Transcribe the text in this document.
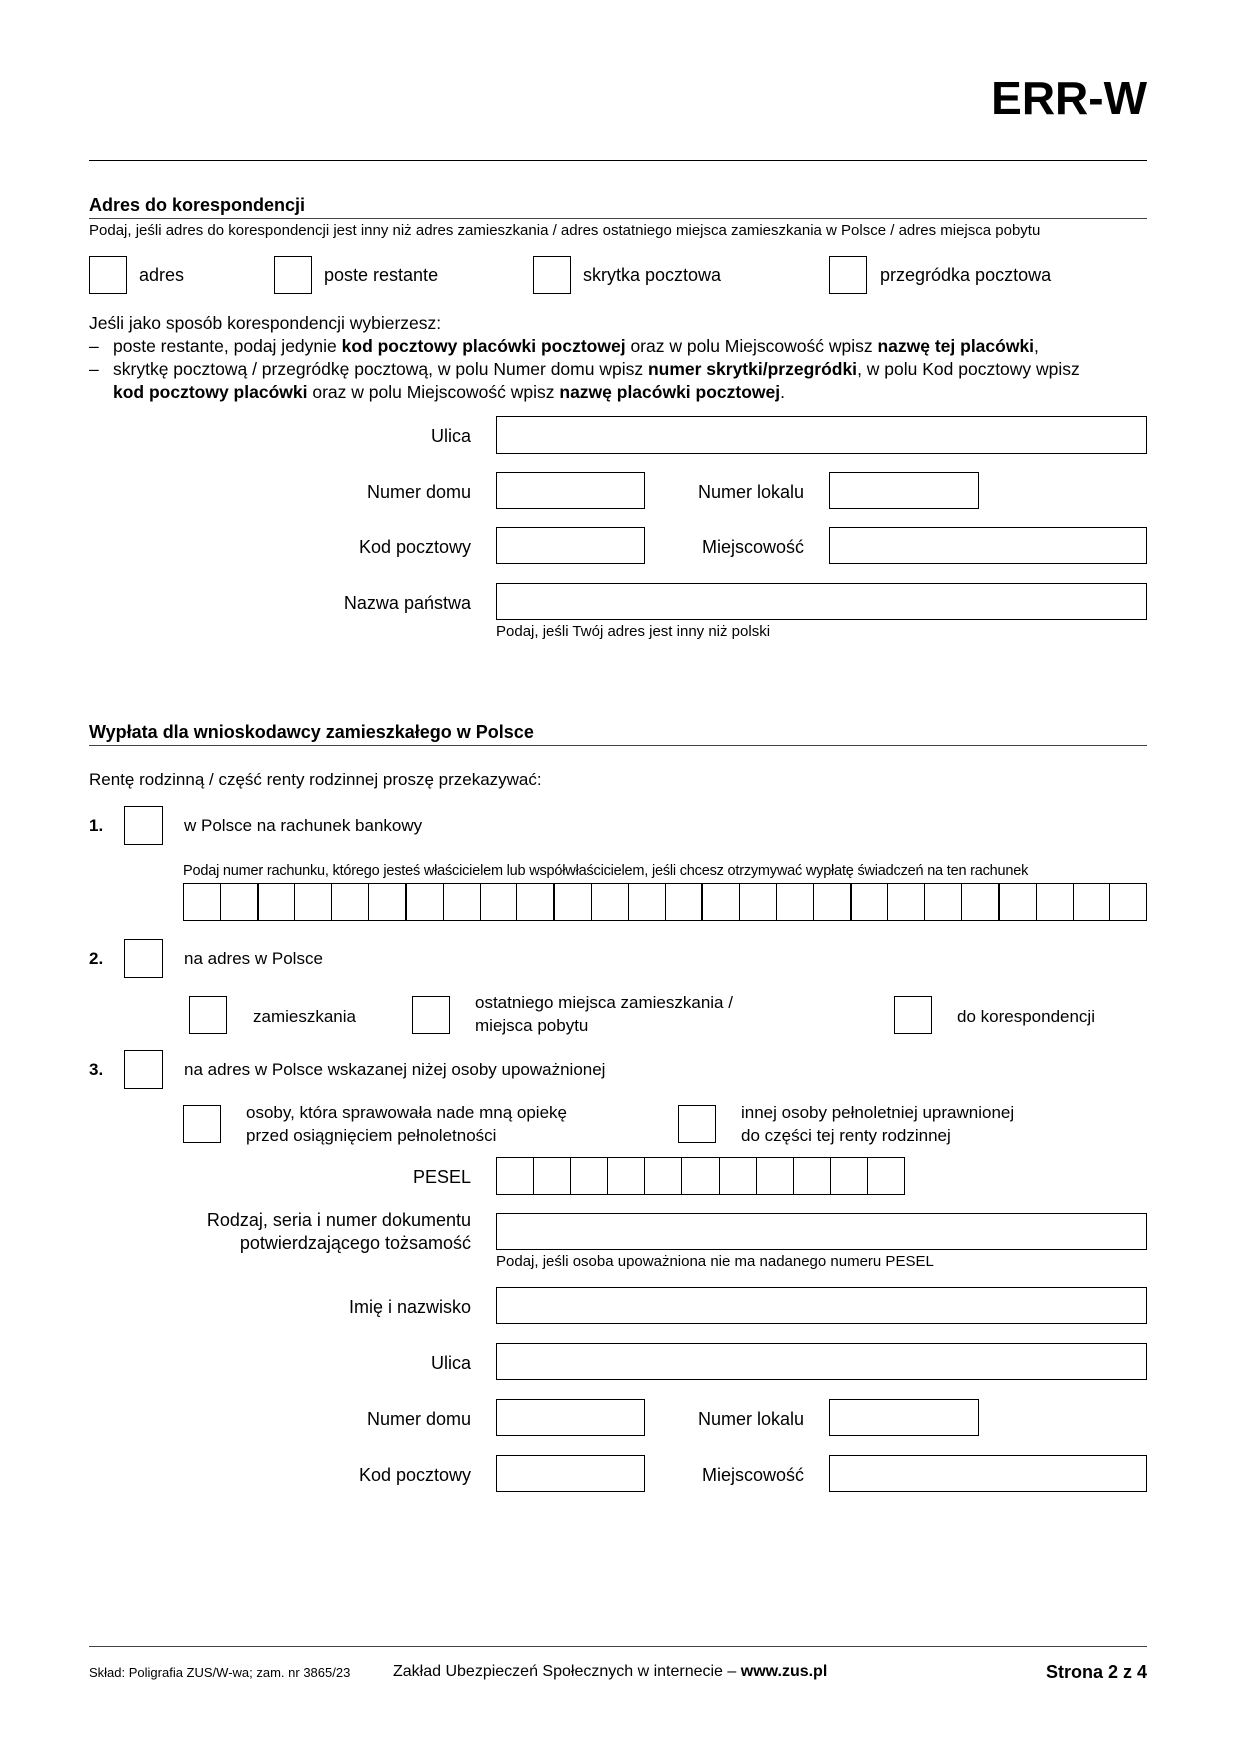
ERR-W
Adres do korespondencji
Podaj, jeśli adres do korespondencji jest inny niż adres zamieszkania / adres ostatniego miejsca zamieszkania w Polsce / adres miejsca pobytu
adres	poste restante	skrytka pocztowa	przegródka pocztowa
Jeśli jako sposób korespondencji wybierzesz:
– poste restante, podaj jedynie kod pocztowy placówki pocztowej oraz w polu Miejscowość wpisz nazwę tej placówki,
– skrytkę pocztową / przegródkę pocztową, w polu Numer domu wpisz numer skrytki/przegródki, w polu Kod pocztowy wpisz
kod pocztowy placówki oraz w polu Miejscowość wpisz nazwę placówki pocztowej.
Ulica
Numer domu	Numer lokalu
Kod pocztowy	Miejscowość
Nazwa państwa
Podaj, jeśli Twój adres jest inny niż polski
Wypłata dla wnioskodawcy zamieszkałego w Polsce
Rentę rodzinną / część renty rodzinnej proszę przekazywać:
1.	w Polsce na rachunek bankowy
Podaj numer rachunku, którego jesteś właścicielem lub współwłaścicielem, jeśli chcesz otrzymywać wypłatę świadczeń na ten rachunek
2.	na adres w Polsce
zamieszkania
ostatniego miejsca zamieszkania /
miejsca pobytu	do korespondencji
3.	na adres w Polsce wskazanej niżej osoby upoważnionej
osoby, która sprawowała nade mną opiekę
przed osiągnięciem pełnoletności
innej osoby pełnoletniej uprawnionej
do części tej renty rodzinnej
PESEL
Rodzaj, seria i numer dokumentu
potwierdzającego tożsamość
Podaj, jeśli osoba upoważniona nie ma nadanego numeru PESEL
Imię i nazwisko
Ulica
Numer domu	Numer lokalu
Kod pocztowy	Miejscowość
Skład: Poligrafia ZUS/W-wa; zam. nr 3865/23	Zakład Ubezpieczeń Społecznych w internecie – www.zus.pl	Strona 2 z 4
